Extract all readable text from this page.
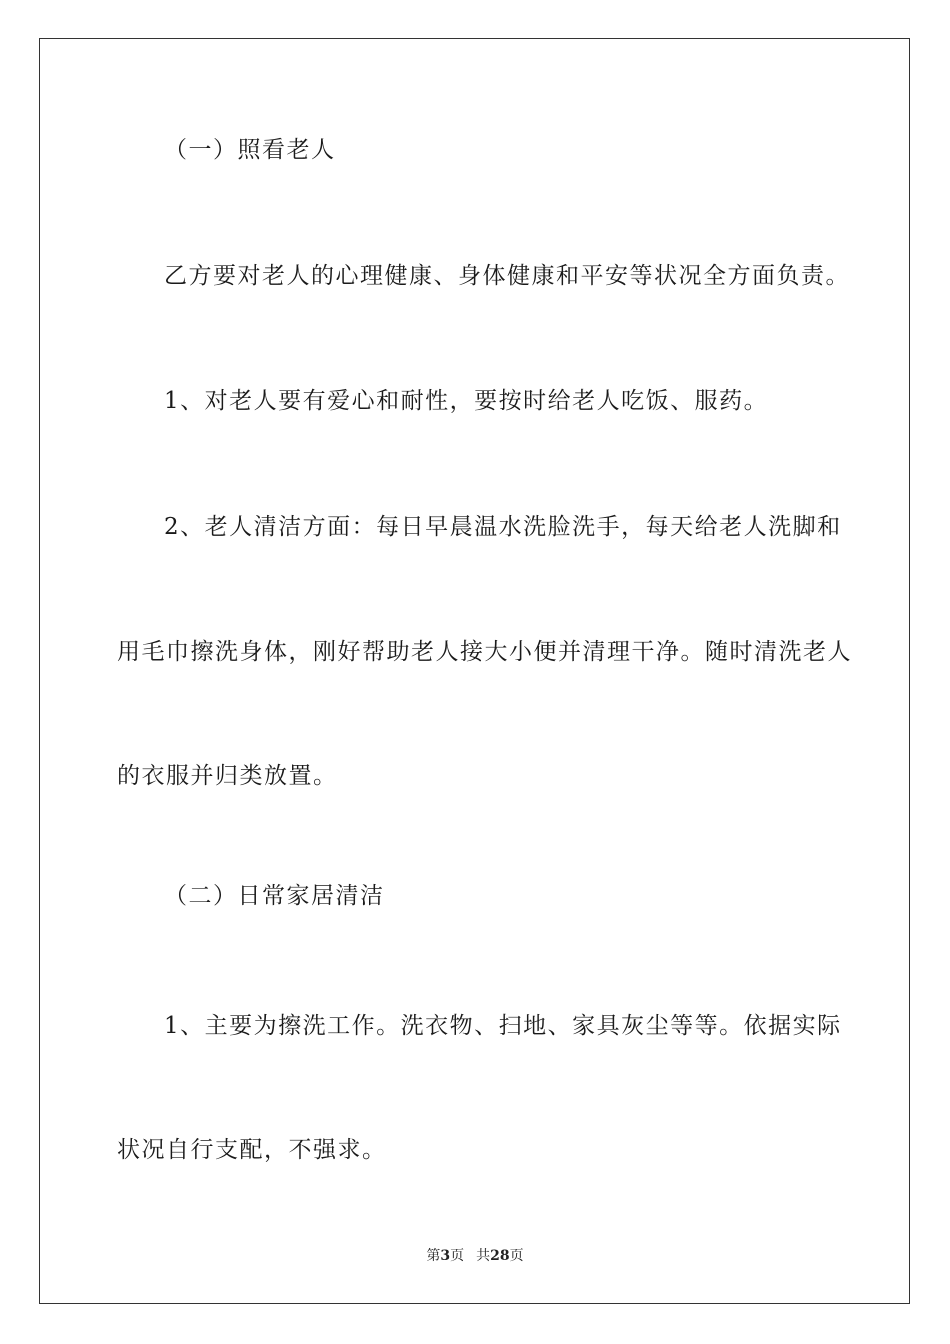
（一）照看老人
乙方要对老人的心理健康、身体健康和平安等状况全方面负责。
1、对老人要有爱心和耐性，要按时给老人吃饭、服药。
2、老人清洁方面：每日早晨温水洗脸洗手，每天给老人洗脚和
用毛巾擦洗身体，刚好帮助老人接大小便并清理干净。随时清洗老人
的衣服并归类放置。
（二）日常家居清洁
1、主要为擦洗工作。洗衣物、扫地、家具灰尘等等。依据实际
状况自行支配，不强求。
第3页 共28页
